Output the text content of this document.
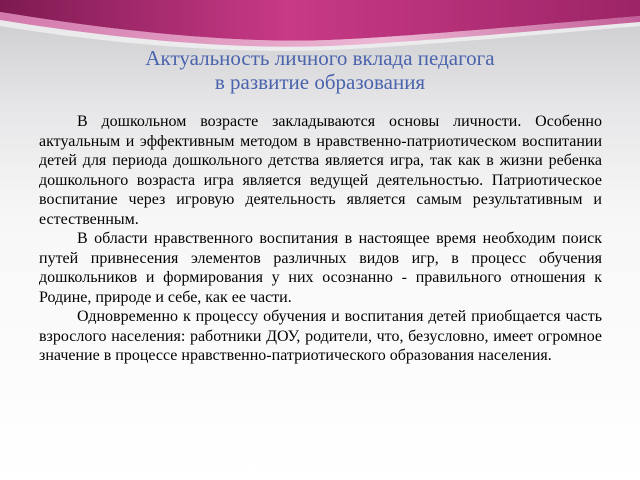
Актуальность личного вклада педагога
в развитие образования

В дошкольном возрасте закладываются основы личности. Особенно актуальным и эффективным методом в нравственно-патриотическом воспитании детей для периода дошкольного детства является игра, так как в жизни ребенка дошкольного возраста игра является ведущей деятельностью. Патриотическое воспитание через игровую деятельность является самым результативным и естественным.

В области нравственного воспитания в настоящее время необходим поиск путей привнесения элементов различных видов игр, в процесс обучения дошкольников и формирования у них осознанно - правильного отношения к Родине, природе и себе, как ее части.

Одновременно к процессу обучения и воспитания детей приобщается часть взрослого населения: работники ДОУ, родители, что, безусловно, имеет огромное значение в процессе нравственно-патриотического образования населения.
